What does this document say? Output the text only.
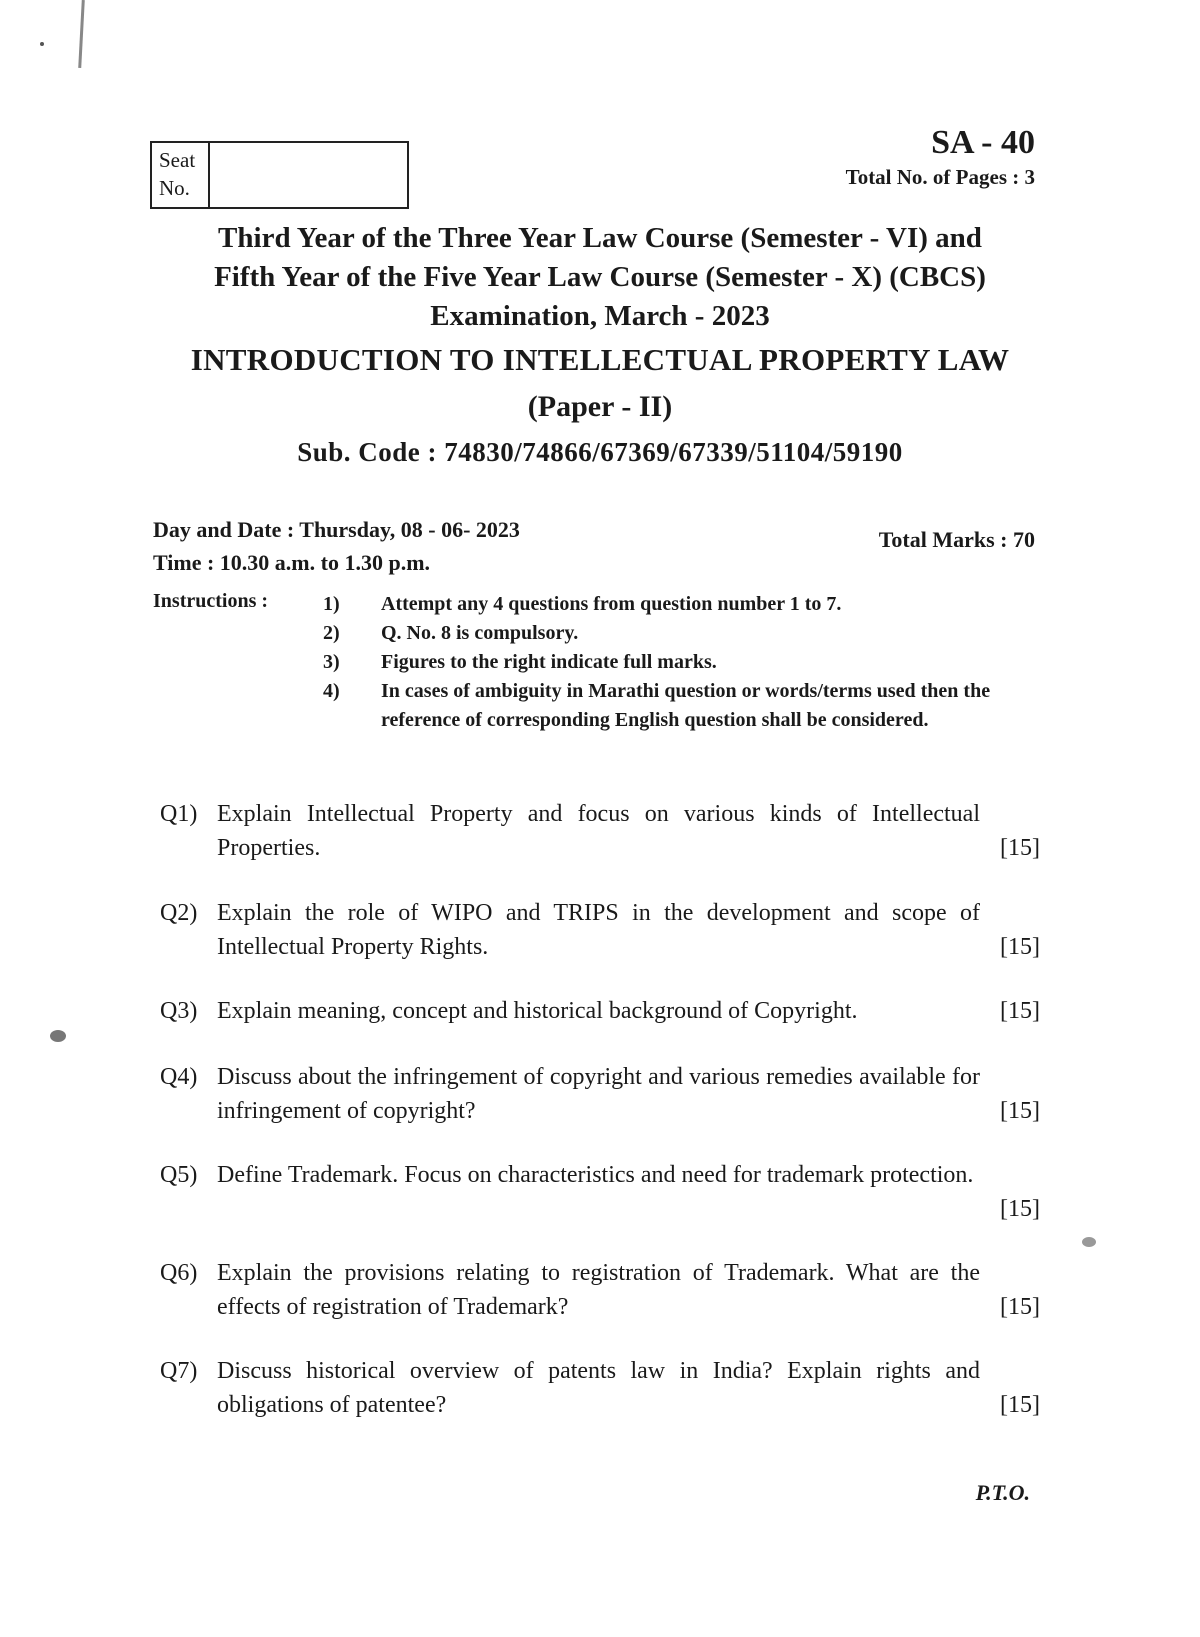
Seat
No.
SA - 40
Total No. of Pages : 3
Third Year of the Three Year Law Course (Semester - VI) and
Fifth Year of the Five Year Law Course (Semester - X) (CBCS)
Examination, March - 2023
INTRODUCTION TO INTELLECTUAL PROPERTY LAW
(Paper - II)
Sub. Code : 74830/74866/67369/67339/51104/59190
Day and Date : Thursday, 08 - 06- 2023
Time : 10.30 a.m. to 1.30 p.m.
Total Marks : 70
Instructions :	1)	Attempt any 4 questions from question number 1 to 7.
2)	Q. No. 8 is compulsory.
3)	Figures to the right indicate full marks.
4)	In cases of ambiguity in Marathi question or words/terms used then the reference of corresponding English question shall be considered.
Q1) Explain Intellectual Property and focus on various kinds of Intellectual Properties.	[15]
Q2) Explain the role of WIPO and TRIPS in the development and scope of Intellectual Property Rights.	[15]
Q3) Explain meaning, concept and historical background of Copyright.	[15]
Q4) Discuss about the infringement of copyright and various remedies available for infringement of copyright?	[15]
Q5) Define Trademark. Focus on characteristics and need for trademark protection.
[15]
Q6) Explain the provisions relating to registration of Trademark. What are the effects of registration of Trademark?	[15]
Q7) Discuss historical overview of patents law in India? Explain rights and obligations of patentee?	[15]
P.T.O.
